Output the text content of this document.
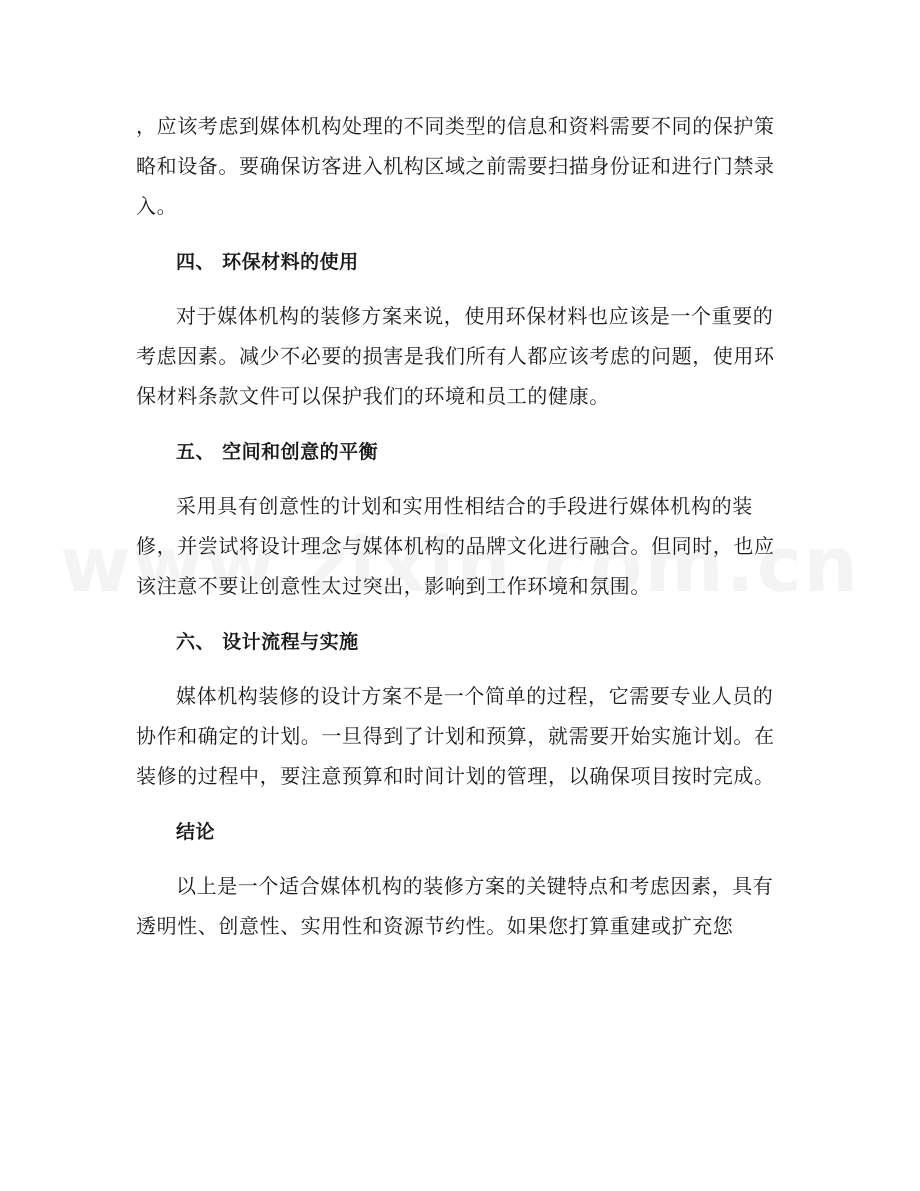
，应该考虑到媒体机构处理的不同类型的信息和资料需要不同的保护策略和设备。要确保访客进入机构区域之前需要扫描身份证和进行门禁录入。

四、 环保材料的使用

对于媒体机构的装修方案来说，使用环保材料也应该是一个重要的考虑因素。减少不必要的损害是我们所有人都应该考虑的问题，使用环保材料条款文件可以保护我们的环境和员工的健康。

五、 空间和创意的平衡

采用具有创意性的计划和实用性相结合的手段进行媒体机构的装修，并尝试将设计理念与媒体机构的品牌文化进行融合。但同时，也应该注意不要让创意性太过突出，影响到工作环境和氛围。

六、 设计流程与实施

媒体机构装修的设计方案不是一个简单的过程，它需要专业人员的协作和确定的计划。一旦得到了计划和预算，就需要开始实施计划。在装修的过程中，要注意预算和时间计划的管理，以确保项目按时完成。

结论

以上是一个适合媒体机构的装修方案的关键特点和考虑因素，具有透明性、创意性、实用性和资源节约性。如果您打算重建或扩充您
